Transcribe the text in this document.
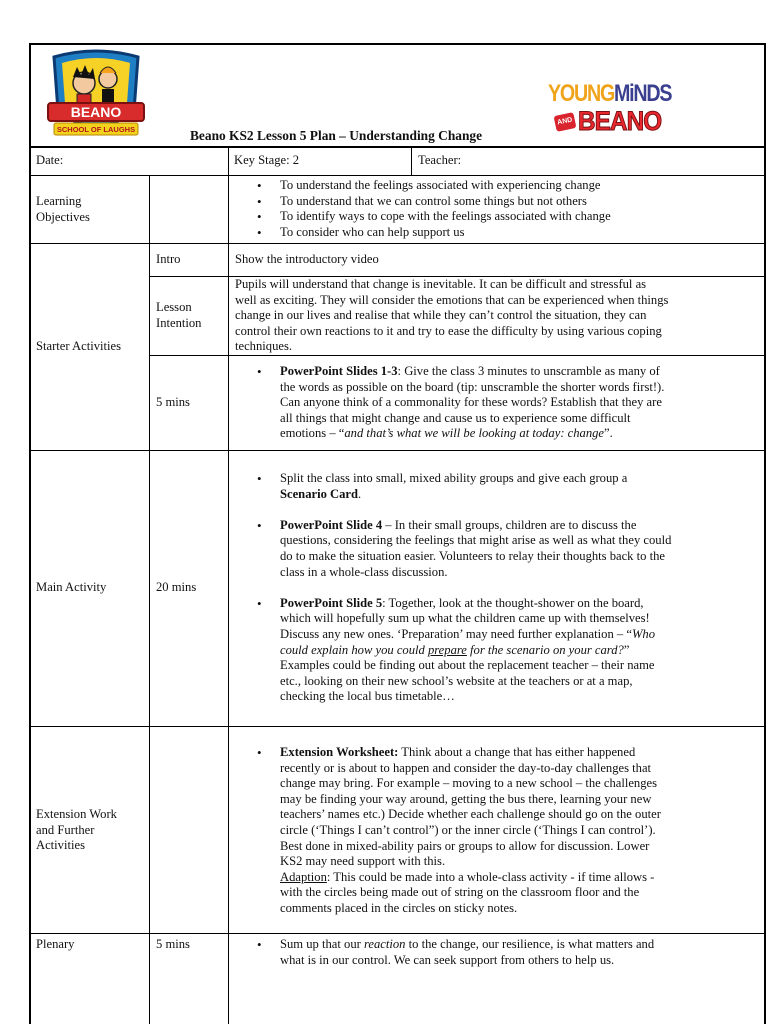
BEANO
SCHOOL OF LAUGHS
YOUNGMiNDS
AND BEANO
Beano KS2 Lesson 5 Plan – Understanding Change
Date:	Key Stage: 2	Teacher:
Learning
Objectives
• To understand the feelings associated with experiencing change
• To understand that we can control some things but not others
• To identify ways to cope with the feelings associated with change
• To consider who can help support us
Starter Activities
Intro	Show the introductory video
Lesson
Intention
Pupils will understand that change is inevitable. It can be difficult and stressful as
well as exciting. They will consider the emotions that can be experienced when things
change in our lives and realise that while they can’t control the situation, they can
control their own reactions to it and try to ease the difficulty by using various coping
techniques.
5 mins
• PowerPoint Slides 1-3: Give the class 3 minutes to unscramble as many of
the words as possible on the board (tip: unscramble the shorter words first!).
Can anyone think of a commonality for these words? Establish that they are
all things that might change and cause us to experience some difficult
emotions – “and that’s what we will be looking at today: change”.
Main Activity	20 mins
• Split the class into small, mixed ability groups and give each group a
Scenario Card.
• PowerPoint Slide 4 – In their small groups, children are to discuss the
questions, considering the feelings that might arise as well as what they could
do to make the situation easier. Volunteers to relay their thoughts back to the
class in a whole-class discussion.
• PowerPoint Slide 5: Together, look at the thought-shower on the board,
which will hopefully sum up what the children came up with themselves!
Discuss any new ones. ‘Preparation’ may need further explanation – “Who
could explain how you could prepare for the scenario on your card?”
Examples could be finding out about the replacement teacher – their name
etc., looking on their new school’s website at the teachers or at a map,
checking the local bus timetable…
Extension Work
and Further
Activities
• Extension Worksheet: Think about a change that has either happened
recently or is about to happen and consider the day-to-day challenges that
change may bring. For example – moving to a new school – the challenges
may be finding your way around, getting the bus there, learning your new
teachers’ names etc.) Decide whether each challenge should go on the outer
circle (‘Things I can’t control”) or the inner circle (‘Things I can control’).
Best done in mixed-ability pairs or groups to allow for discussion. Lower
KS2 may need support with this.
Adaption: This could be made into a whole-class activity - if time allows -
with the circles being made out of string on the classroom floor and the
comments placed in the circles on sticky notes.
Plenary	5 mins
•	Sum up that our reaction to the change, our resilience, is what matters and
what is in our control. We can seek support from others to help us.
